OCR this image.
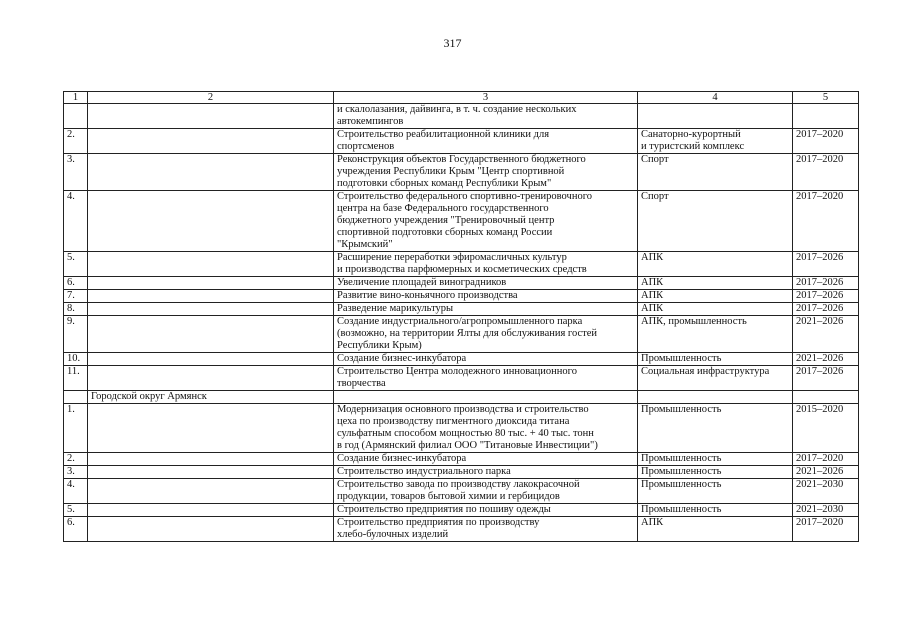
317
1	2	3	4	5
		и скалолазания, дайвинга, в т. ч. создание нескольких
автокемпингов		
2.		Строительство реабилитационной клиники для
спортсменов	Санаторно-курортный
и туристский комплекс	2017–2020
3.		Реконструкция объектов Государственного бюджетного
учреждения Республики Крым "Центр спортивной
подготовки сборных команд Республики Крым"	Спорт	2017–2020
4.		Строительство федерального спортивно-тренировочного
центра на базе Федерального государственного
бюджетного учреждения "Тренировочный центр
спортивной подготовки сборных команд России
"Крымский"	Спорт	2017–2020
5.		Расширение переработки эфиромасличных культур
и производства парфюмерных и косметических средств	АПК	2017–2026
6.		Увеличение площадей виноградников	АПК	2017–2026
7.		Развитие вино-коньячного производства	АПК	2017–2026
8.		Разведение марикультуры	АПК	2017–2026
9.		Создание индустриального/агропромышленного парка
(возможно, на территории Ялты для обслуживания гостей
Республики Крым)	АПК, промышленность	2021–2026
10.		Создание бизнес-инкубатора	Промышленность	2021–2026
11.		Строительство Центра молодежного инновационного
творчества	Социальная инфраструктура	2017–2026
	Городской округ Армянск			
1.		Модернизация основного производства и строительство
цеха по производству пигментного диоксида титана
сульфатным способом мощностью 80 тыс. + 40 тыс. тонн
в год (Армянский филиал ООО "Титановые Инвестиции")	Промышленность	2015–2020
2.		Создание бизнес-инкубатора	Промышленность	2017–2020
3.		Строительство индустриального парка	Промышленность	2021–2026
4.		Строительство завода по производству лакокрасочной
продукции, товаров бытовой химии и гербицидов	Промышленность	2021–2030
5.		Строительство предприятия по пошиву одежды	Промышленность	2021–2030
6.		Строительство предприятия по производству
хлебо-булочных изделий	АПК	2017–2020
